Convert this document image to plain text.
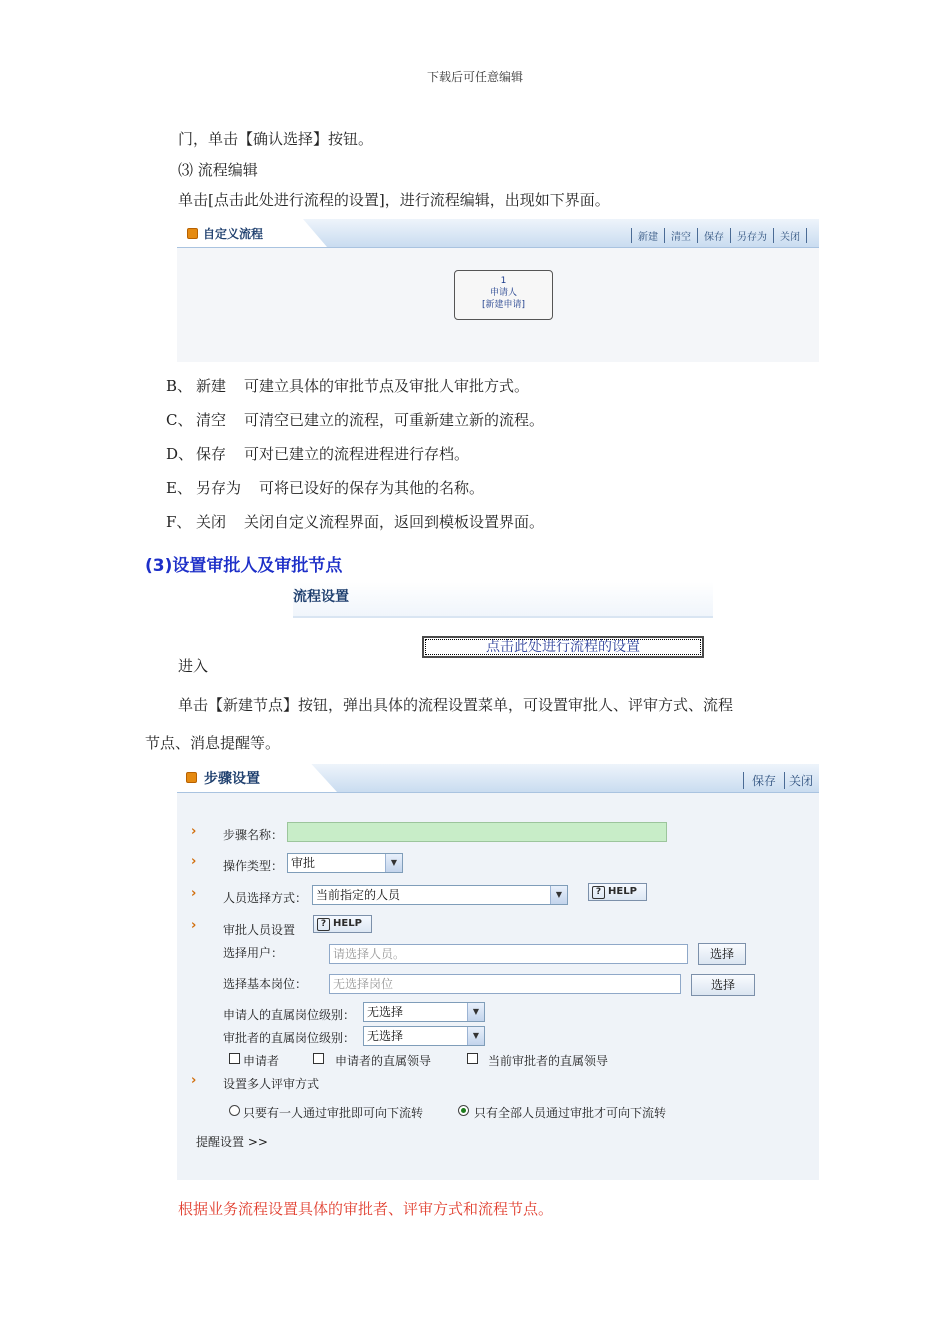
下载后可任意编辑
门，单击【确认选择】按钮。
⑶ 流程编辑
单击[点击此处进行流程的设置]，进行流程编辑，出现如下界面。
自定义流程	新建 清空 保存 另存为 关闭
1
申请人
[新建申请]
B、 新建 可建立具体的审批节点及审批人审批方式。
C、 清空 可清空已建立的流程，可重新建立新的流程。
D、 保存 可对已建立的流程进程进行存档。
E、 另存为 可将已设好的保存为其他的名称。
F、 关闭 关闭自定义流程界面，返回到模板设置界面。
(3)设置审批人及审批节点
流程设置
点击此处进行流程的设置
进入
单击【新建节点】按钮，弹出具体的流程设置菜单，可设置审批人、评审方式、流程
节点、消息提醒等。
步骤设置	保存 关闭
› 步骤名称：
› 操作类型： 审批	▼
› 人员选择方式： 当前指定的人员	▼	? HELP
› 审批人员设置	? HELP
选择用户：	请选择人员。	选择
选择基本岗位：	无选择岗位	选择
申请人的直属岗位级别： 无选择	▼
审批者的直属岗位级别： 无选择	▼
申请者	申请者的直属领导	当前审批者的直属领导
› 设置多人评审方式
只要有一人通过审批即可向下流转	只有全部人员通过审批才可向下流转
提醒设置 >>
根据业务流程设置具体的审批者、评审方式和流程节点。
